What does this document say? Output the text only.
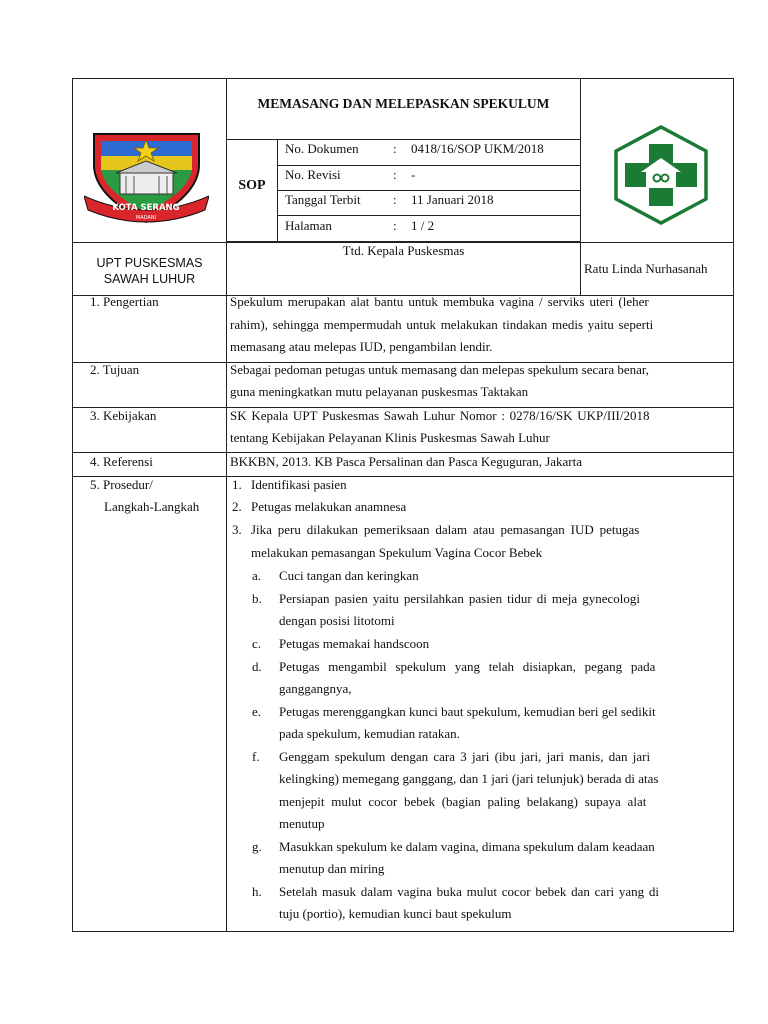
MEMASANG DAN MELEPASKAN SPEKULUM
SOP
No. Dokumen	: 0418/16/SOP UKM/2018
No. Revisi	: -
Tanggal Terbit : 11 Januari 2018
Halaman	: 1 / 2
KOTA SERANG
MADANI
UPT PUSKESMAS
SAWAH LUHUR
Ttd. Kepala Puskesmas
Ratu Linda Nurhasanah
1. Pengertian	Spekulum merupakan alat bantu untuk membuka vagina / serviks uteri (leher
rahim), sehingga mempermudah untuk melakukan tindakan medis yaitu seperti
memasang atau melepas IUD, pengambilan lendir.
2. Tujuan	Sebagai pedoman petugas untuk memasang dan melepas spekulum secara benar,
guna meningkatkan mutu pelayanan puskesmas Taktakan
3. Kebijakan	SK Kepala UPT Puskesmas Sawah Luhur Nomor : 0278/16/SK UKP/III/2018
tentang Kebijakan Pelayanan Klinis Puskesmas Sawah Luhur
4. Referensi	BKKBN, 2013. KB Pasca Persalinan dan Pasca Keguguran, Jakarta
5. Prosedur/
Langkah-Langkah
1. Identifikasi pasien
2. Petugas melakukan anamnesa
3. Jika peru dilakukan pemeriksaan dalam atau pemasangan IUD petugas
melakukan pemasangan Spekulum Vagina Cocor Bebek
a. Cuci tangan dan keringkan
b. Persiapan pasien yaitu persilahkan pasien tidur di meja gynecologi
dengan posisi litotomi
c. Petugas memakai handscoon
d. Petugas mengambil spekulum yang telah disiapkan, pegang pada
ganggangnya,
e. Petugas merenggangkan kunci baut spekulum, kemudian beri gel sedikit
pada spekulum, kemudian ratakan.
f. Genggam spekulum dengan cara 3 jari (ibu jari, jari manis, dan jari
kelingking) memegang ganggang, dan 1 jari (jari telunjuk) berada di atas
menjepit mulut cocor bebek (bagian paling belakang) supaya alat
menutup
g. Masukkan spekulum ke dalam vagina, dimana spekulum dalam keadaan
menutup dan miring
h. Setelah masuk dalam vagina buka mulut cocor bebek dan cari yang di
tuju (portio), kemudian kunci baut spekulum
